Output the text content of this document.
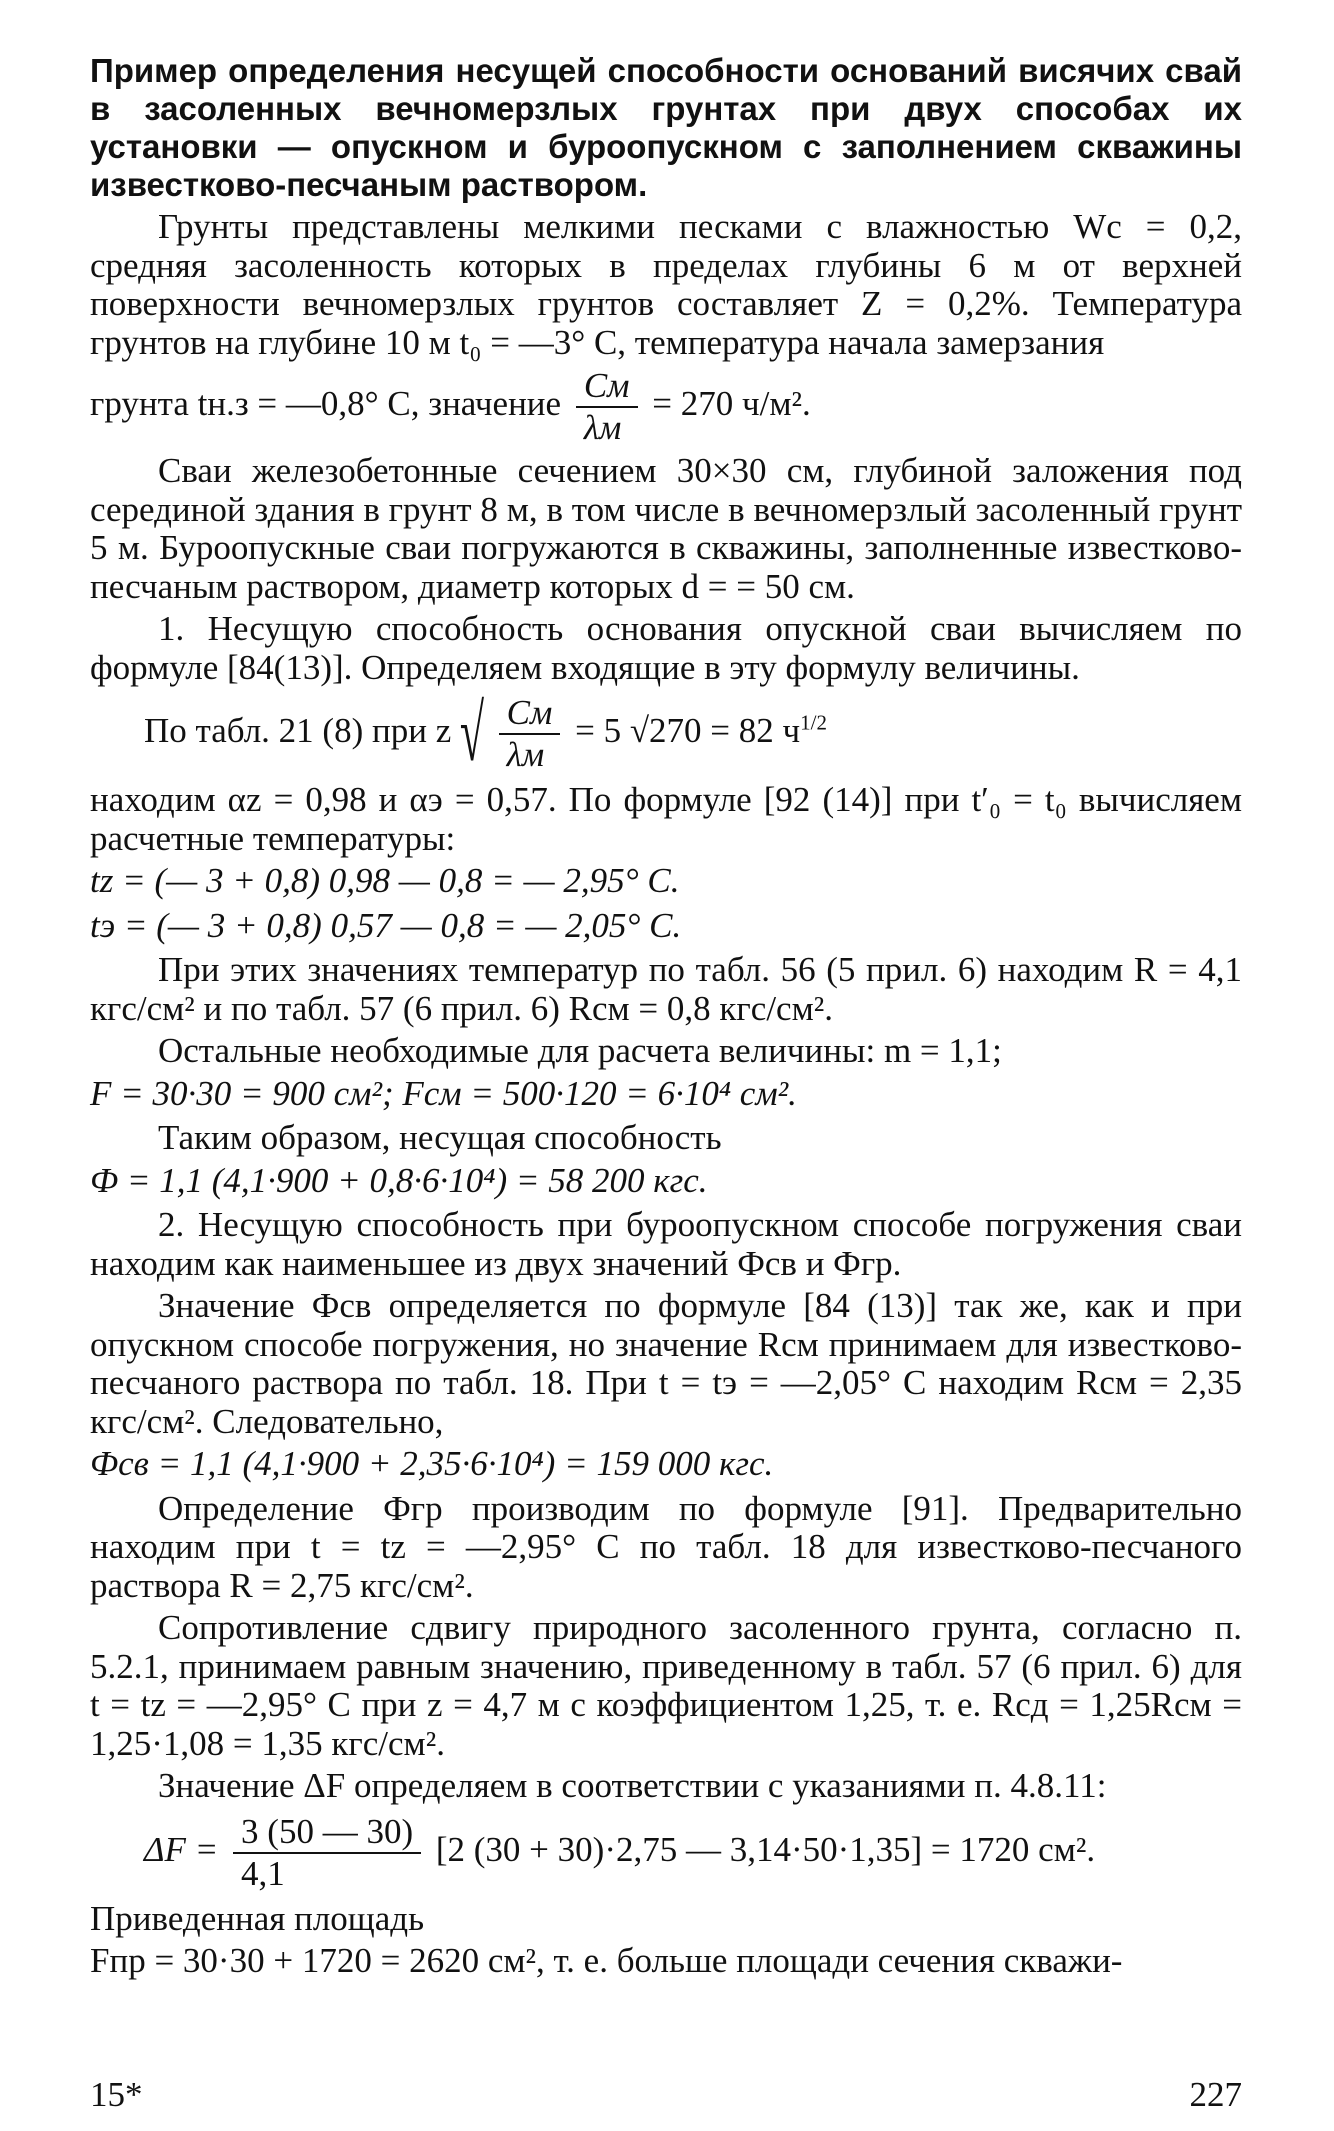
Пример определения несущей способности оснований висячих свай в засоленных вечномерзлых грунтах при двух способах их установки — опускном и буроопускном с заполнением скважины известково-песчаным раствором.

Грунты представлены мелкими песками с влажностью Wc = 0,2, средняя засоленность которых в пределах глубины 6 м от верхней поверхности вечномерзлых грунтов составляет Z = 0,2%. Температура грунтов на глубине 10 м t₀ = —3° С, температура начала замерзания

грунта tн.з = —0,8° С, значение $\frac{Cм}{\lambda м} = 270$ ч/м².

Сваи железобетонные сечением 30×30 см, глубиной заложения под серединой здания в грунт 8 м, в том числе в вечномерзлый засоленный грунт 5 м. Буроопускные сваи погружаются в скважины, заполненные известково-песчаным раствором, диаметр которых d = = 50 см.

1. Несущую способность основания опускной сваи вычисляем по формуле [84(13)]. Определяем входящие в эту формулу величины.

По табл. 21 (8) при z √ $\frac{Cм}{\lambda м} = 5$ √270 = 82 $ч^{1/2}$

находим αz = 0,98 и αэ = 0,57. По формуле [92 (14)] при t′₀ = t₀ вычисляем расчетные температуры:

tz = (— 3 + 0,8) 0,98 — 0,8 = — 2,95° С.

tэ = (— 3 + 0,8) 0,57 — 0,8 = — 2,05° С.

При этих значениях температур по табл. 56 (5 прил. 6) находим R = 4,1 кгс/см² и по табл. 57 (6 прил. 6) Rсм = 0,8 кгс/см².

Остальные необходимые для расчета величины: m = 1,1;

F = 30·30 = 900 см²; Fсм = 500·120 = 6·10⁴ см².

Таким образом, несущая способность

Ф = 1,1 (4,1·900 + 0,8·6·10⁴) = 58 200 кгс.

2. Несущую способность при буроопускном способе погружения сваи находим как наименьшее из двух значений Фсв и Фгр.

Значение Фсв определяется по формуле [84 (13)] так же, как и при опускном способе погружения, но значение Rсм принимаем для известково-песчаного раствора по табл. 18. При t = tэ = —2,05° С находим Rсм = 2,35 кгс/см². Следовательно,

Фсв = 1,1 (4,1·900 + 2,35·6·10⁴) = 159 000 кгс.

Определение Фгр производим по формуле [91]. Предварительно находим при t = tz = —2,95° С по табл. 18 для известково-песчаного раствора R = 2,75 кгс/см².

Сопротивление сдвигу природного засоленного грунта, согласно п. 5.2.1, принимаем равным значению, приведенному в табл. 57 (6 прил. 6) для t = tz = —2,95° С при z = 4,7 м с коэффициентом 1,25, т. е. Rсд = 1,25Rсм = 1,25·1,08 = 1,35 кгс/см².

Значение ΔF определяем в соответствии с указаниями п. 4.8.11:

$\Delta F = \frac{3 (50 — 30)}{4,1} [2$ (30 + 30)·2,75 — 3,14·50·1,35] = 1720 см².

Приведенная площадь

Fпр = 30·30 + 1720 = 2620 см², т. е. больше площади сечения скважи-

15*	227
